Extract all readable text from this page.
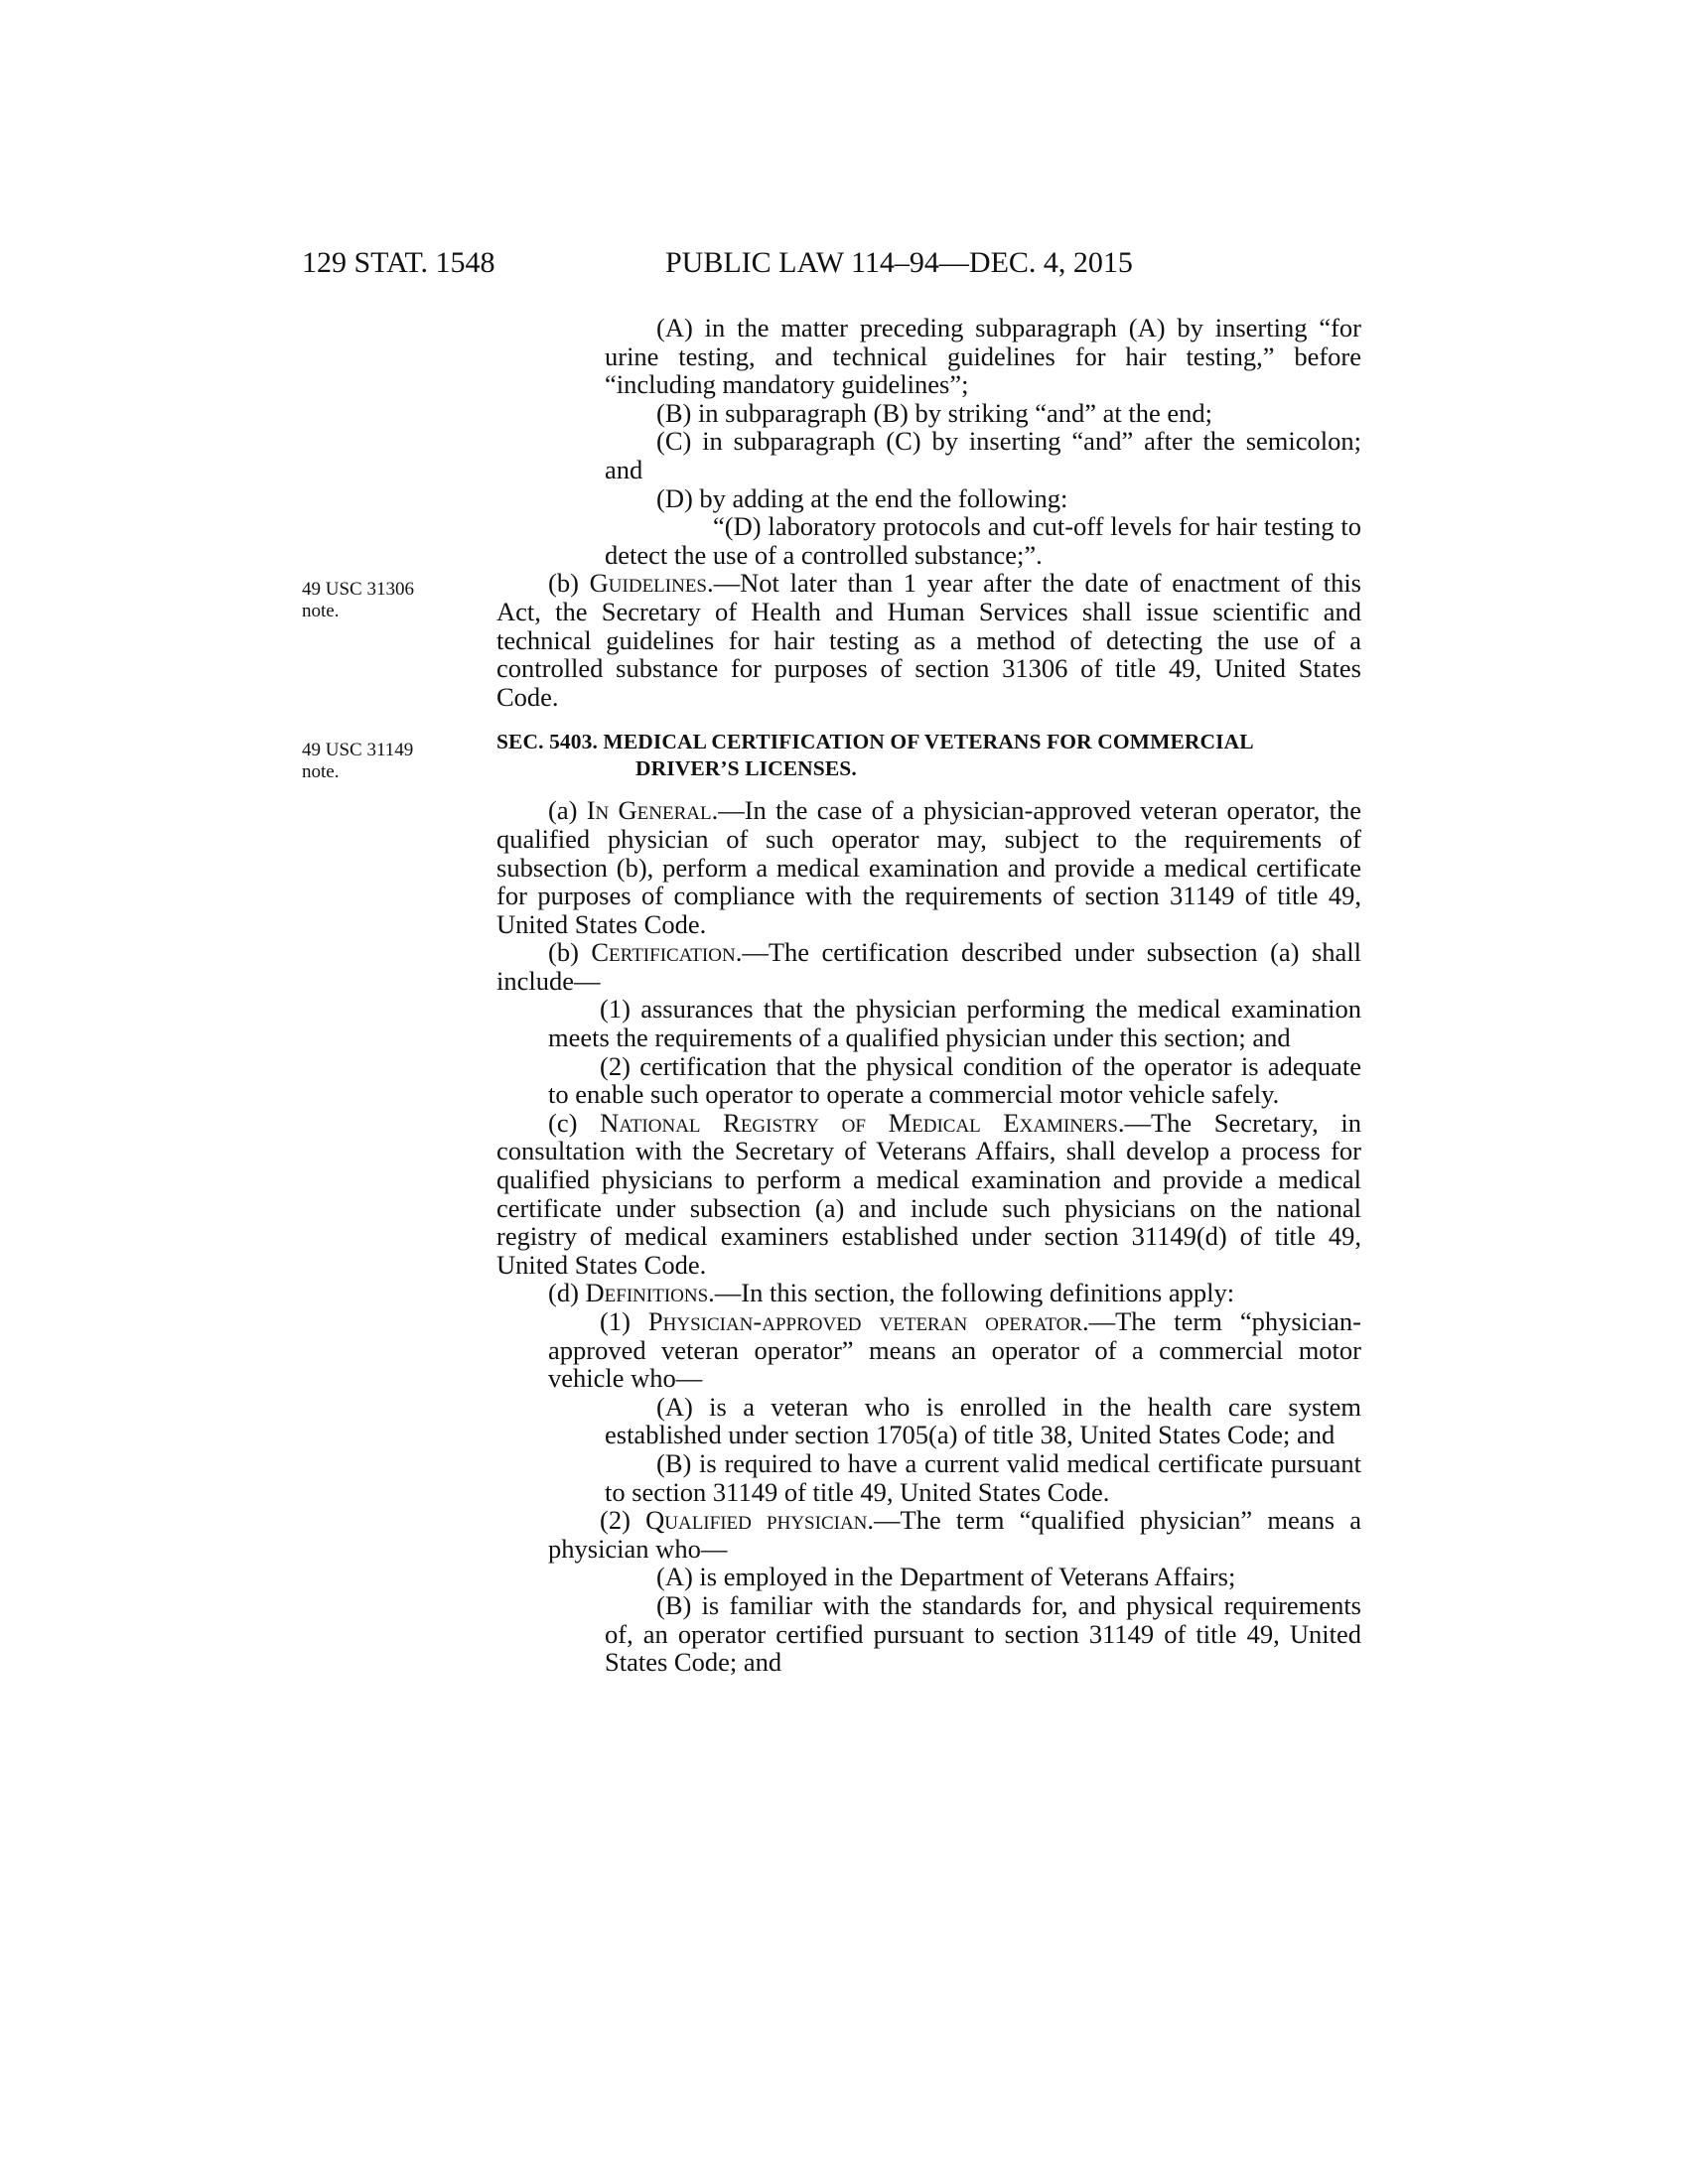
129 STAT. 1548	PUBLIC LAW 114–94—DEC. 4, 2015
49 USC 31306
note.
49 USC 31149
note.

(A) in the matter preceding subparagraph (A) by inserting “for urine testing, and technical guidelines for hair testing,” before “including mandatory guidelines”;

(B) in subparagraph (B) by striking “and” at the end;

(C) in subparagraph (C) by inserting “and” after the semicolon; and

(D) by adding at the end the following:

“(D) laboratory protocols and cut-off levels for hair testing to detect the use of a controlled substance;”.

(b) Guidelines.—Not later than 1 year after the date of enactment of this Act, the Secretary of Health and Human Services shall issue scientific and technical guidelines for hair testing as a method of detecting the use of a controlled substance for purposes of section 31306 of title 49, United States Code.

SEC. 5403. MEDICAL CERTIFICATION OF VETERANS FOR COMMERCIAL DRIVER’S LICENSES.

(a) In General.—In the case of a physician-approved veteran operator, the qualified physician of such operator may, subject to the requirements of subsection (b), perform a medical examination and provide a medical certificate for purposes of compliance with the requirements of section 31149 of title 49, United States Code.

(b) Certification.—The certification described under subsection (a) shall include—

(1) assurances that the physician performing the medical examination meets the requirements of a qualified physician under this section; and

(2) certification that the physical condition of the operator is adequate to enable such operator to operate a commercial motor vehicle safely.

(c) National Registry of Medical Examiners.—The Secretary, in consultation with the Secretary of Veterans Affairs, shall develop a process for qualified physicians to perform a medical examination and provide a medical certificate under subsection (a) and include such physicians on the national registry of medical examiners established under section 31149(d) of title 49, United States Code.

(d) Definitions.—In this section, the following definitions apply:

(1) Physician-approved veteran operator.—The term “physician-approved veteran operator” means an operator of a commercial motor vehicle who—

(A) is a veteran who is enrolled in the health care system established under section 1705(a) of title 38, United States Code; and

(B) is required to have a current valid medical certificate pursuant to section 31149 of title 49, United States Code.

(2) Qualified physician.—The term “qualified physician” means a physician who—

(A) is employed in the Department of Veterans Affairs;

(B) is familiar with the standards for, and physical requirements of, an operator certified pursuant to section 31149 of title 49, United States Code; and
